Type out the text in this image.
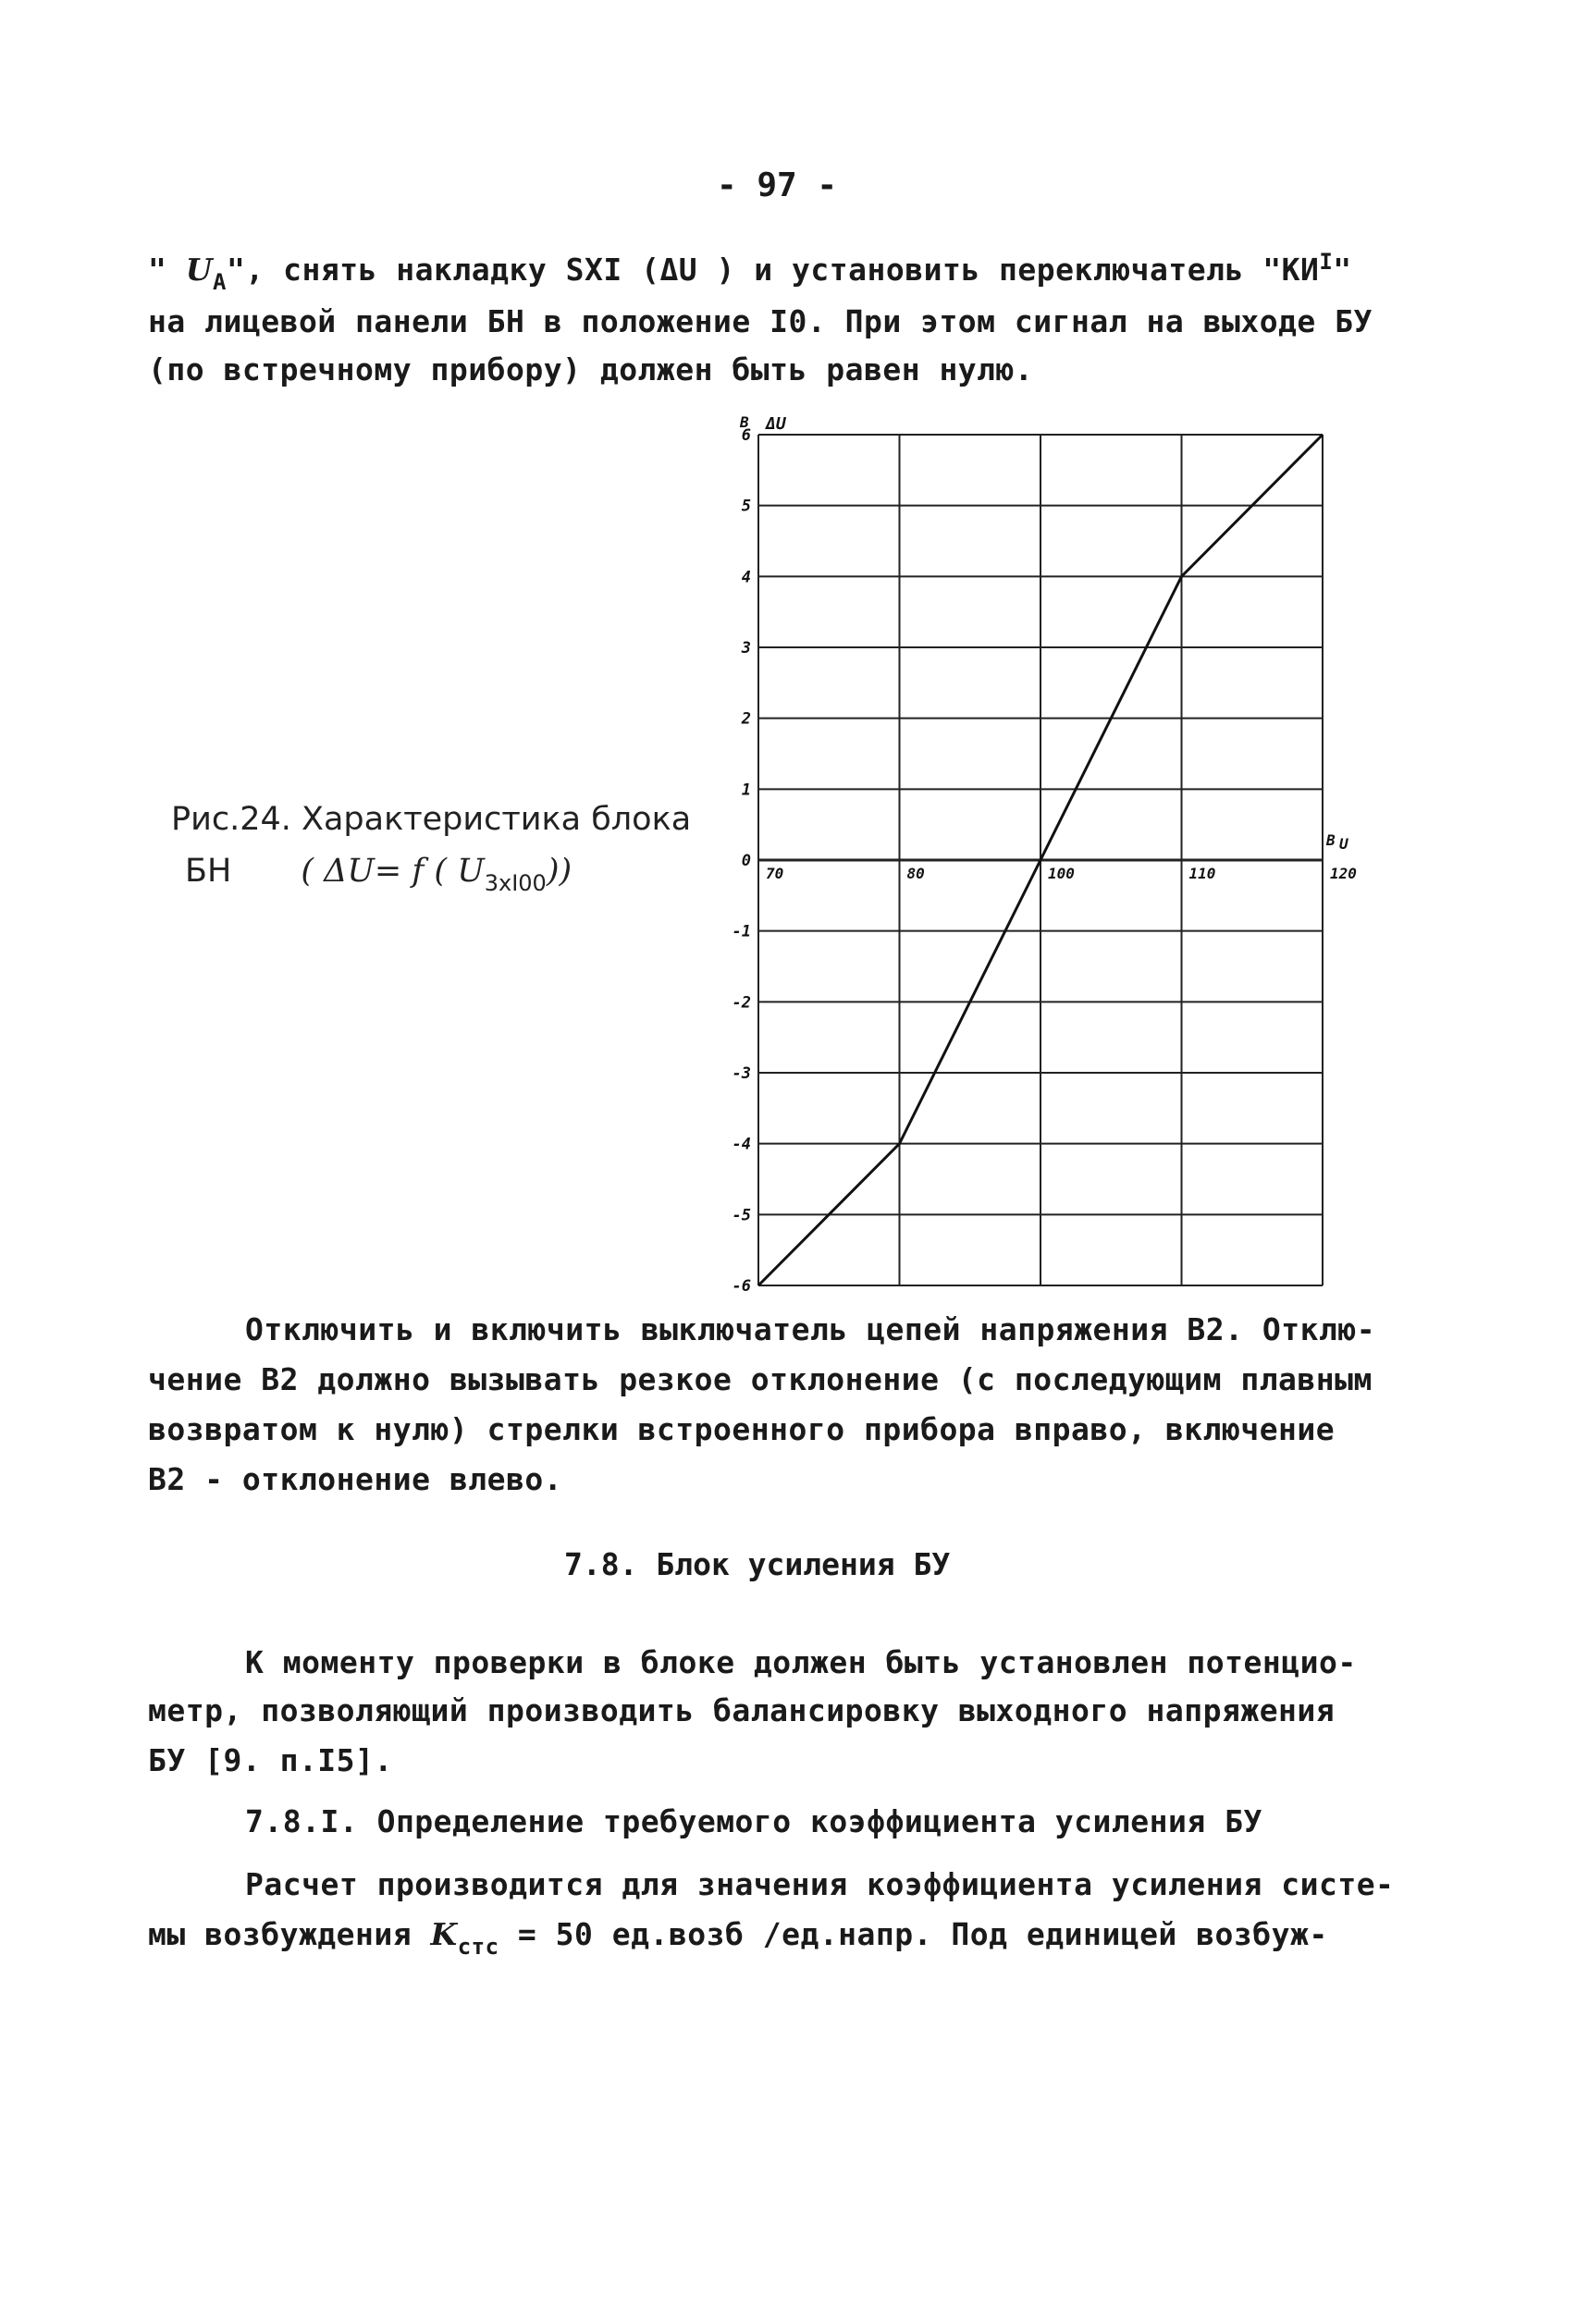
- 97 -
" $U_A$", снять накладку SXI (ΔU ) и установить переключатель "$КИ^I$"
на лицевой панели БН в положение I0. При этом сигнал на выходе БУ
(по встречному прибору) должен быть равен нулю.
Рис.24. Характеристика блока
БН ( ΔU= f ( $U_{3xI00}$))
6
5
4
3
2
1
0
-1
-2
-3
-4
-5
-6
70	80	100	110	120
В ΔU
В U
Отключить и включить выключатель цепей напряжения В2. Отклю-
чение В2 должно вызывать резкое отклонение (с последующим плавным
возвратом к нулю) стрелки встроенного прибора вправо, включение
В2 - отклонение влево.
7.8. Блок усиления БУ
К моменту проверки в блоке должен быть установлен потенцио-
метр, позволяющий производить балансировку выходного напряжения
БУ [9. п.I5].
7.8.I. Определение требуемого коэффициента усиления БУ
Расчет производится для значения коэффициента усиления систе-
мы возбуждения $K_{стс} = 50$ ед.возб /ед.напр. Под единицей возбуж-
